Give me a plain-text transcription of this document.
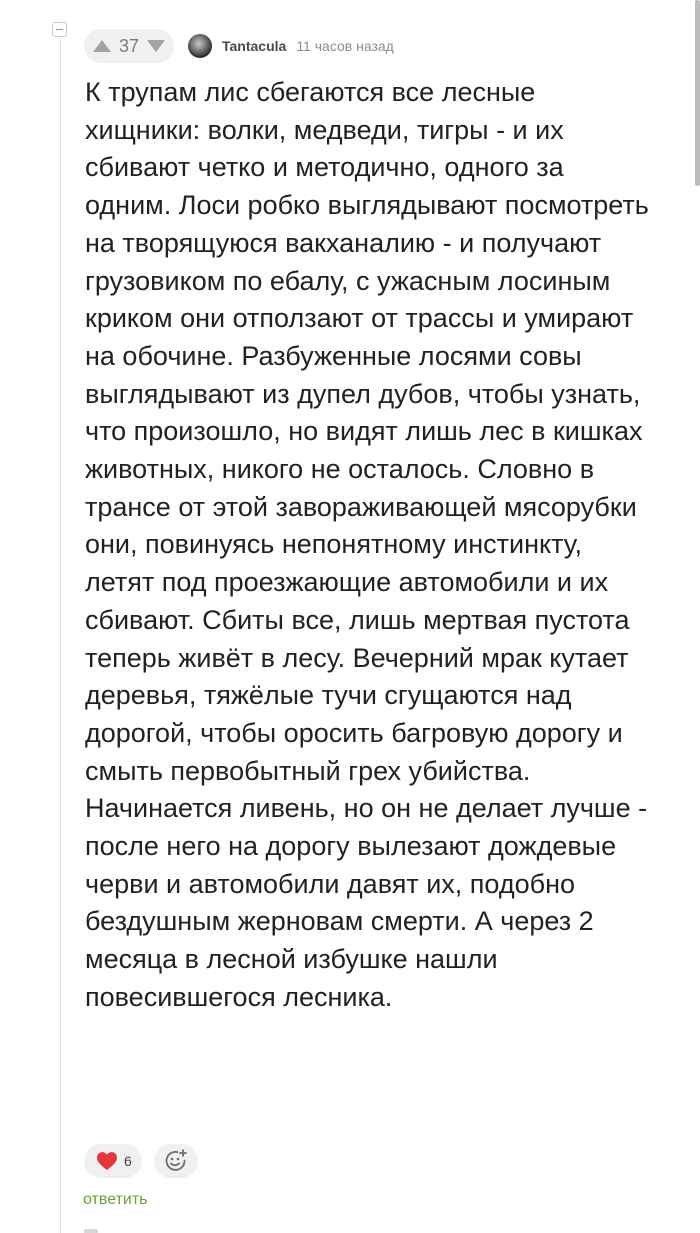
37	Tantacula 11 часов назад

К трупам лис сбегаются все лесные хищники: волки, медведи, тигры - и их сбивают четко и методично, одного за одним. Лоси робко выглядывают посмотреть на творящуюся вакханалию - и получают грузовиком по ебалу, с ужасным лосиным криком они отползают от трассы и умирают на обочине. Разбуженные лосями совы выглядывают из дупел дубов, чтобы узнать, что произошло, но видят лишь лес в кишках животных, никого не осталось. Словно в трансе от этой завораживающей мясорубки они, повинуясь непонятному инстинкту, летят под проезжающие автомобили и их сбивают. Сбиты все, лишь мертвая пустота теперь живёт в лесу. Вечерний мрак кутает деревья, тяжёлые тучи сгущаются над дорогой, чтобы оросить багровую дорогу и смыть первобытный грех убийства. Начинается ливень, но он не делает лучше - после него на дорогу вылезают дождевые черви и автомобили давят их, подобно бездушным жерновам смерти. А через 2 месяца в лесной избушке нашли повесившегося лесника.

6
ответить
